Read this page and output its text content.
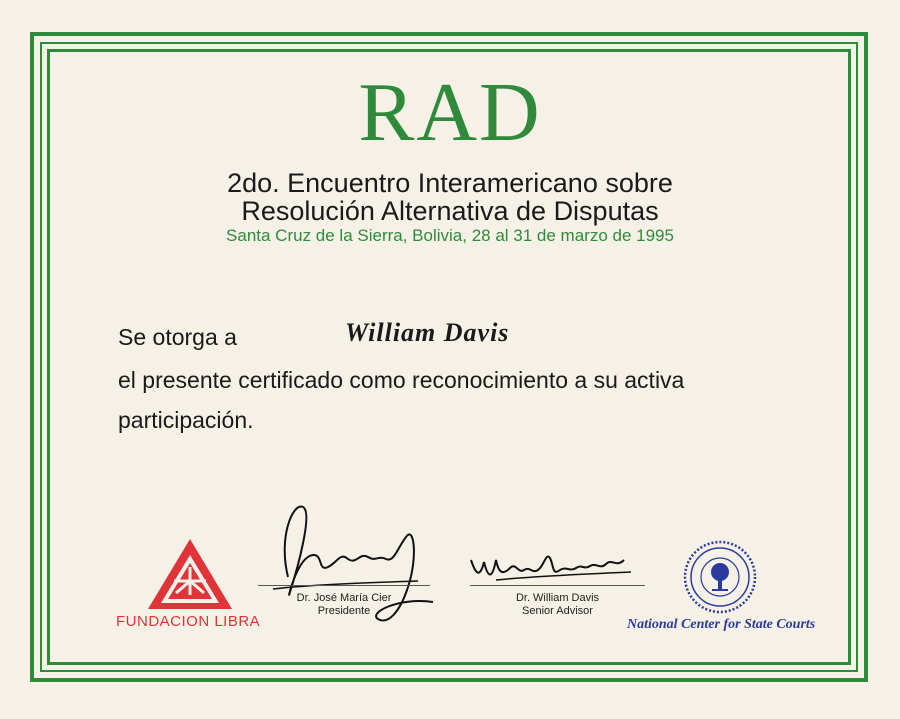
RAD
2do. Encuentro Interamericano sobre
Resolución Alternativa de Disputas
Santa Cruz de la Sierra, Bolivia, 28 al 31 de marzo de 1995
Se otorga a	William Davis
el presente certificado como reconocimiento a su activa
participación.
FUNDACION LIBRA
Dr. José María Cier
Presidente
Dr. William Davis
Senior Advisor
National Center for State Courts
